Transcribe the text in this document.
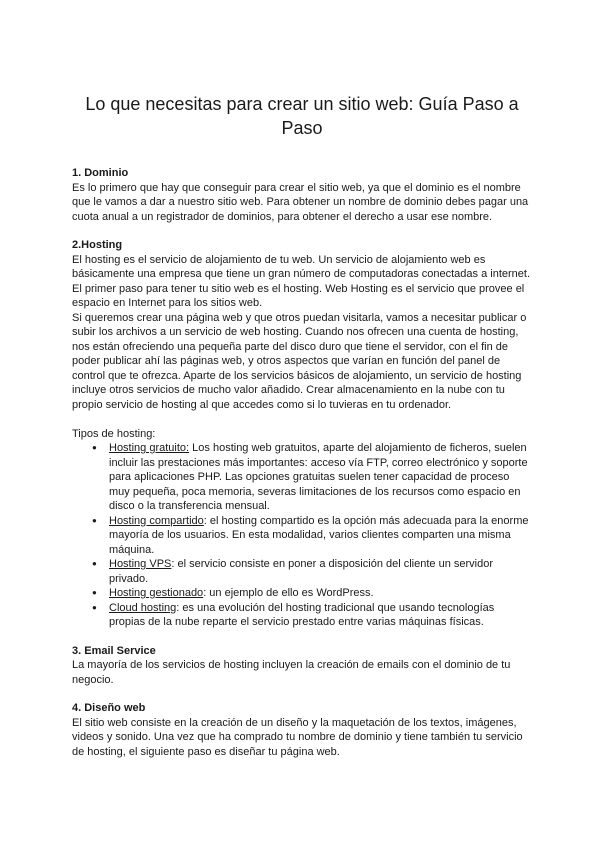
Lo que necesitas para crear un sitio web: Guía Paso a Paso

1. Dominio

Es lo primero que hay que conseguir para crear el sitio web, ya que el dominio es el nombre que le vamos a dar a nuestro sitio web. Para obtener un nombre de dominio debes pagar una cuota anual a un registrador de dominios, para obtener el derecho a usar ese nombre.

2.Hosting

El hosting es el servicio de alojamiento de tu web. Un servicio de alojamiento web es básicamente una empresa que tiene un gran número de computadoras conectadas a internet. El primer paso para tener tu sitio web es el hosting. Web Hosting es el servicio que provee el espacio en Internet para los sitios web.

Si queremos crear una página web y que otros puedan visitarla, vamos a necesitar publicar o subir los archivos a un servicio de web hosting. Cuando nos ofrecen una cuenta de hosting, nos están ofreciendo una pequeña parte del disco duro que tiene el servidor, con el fin de poder publicar ahí las páginas web, y otros aspectos que varían en función del panel de control que te ofrezca. Aparte de los servicios básicos de alojamiento, un servicio de hosting incluye otros servicios de mucho valor añadido. Crear almacenamiento en la nube con tu propio servicio de hosting al que accedes como si lo tuvieras en tu ordenador.

Tipos de hosting:

● Hosting gratuito: Los hosting web gratuitos, aparte del alojamiento de ficheros, suelen incluir las prestaciones más importantes: acceso vía FTP, correo electrónico y soporte para aplicaciones PHP. Las opciones gratuitas suelen tener capacidad de proceso muy pequeña, poca memoria, severas limitaciones de los recursos como espacio en disco o la transferencia mensual.
● Hosting compartido: el hosting compartido es la opción más adecuada para la enorme mayoría de los usuarios. En esta modalidad, varios clientes comparten una misma máquina.
● Hosting VPS: el servicio consiste en poner a disposición del cliente un servidor privado.
● Hosting gestionado: un ejemplo de ello es WordPress.
● Cloud hosting: es una evolución del hosting tradicional que usando tecnologías propias de la nube reparte el servicio prestado entre varias máquinas físicas.

3. Email Service

La mayoría de los servicios de hosting incluyen la creación de emails con el dominio de tu negocio.

4. Diseño web

El sitio web consiste en la creación de un diseño y la maquetación de los textos, imágenes, videos y sonido. Una vez que ha comprado tu nombre de dominio y tiene también tu servicio de hosting, el siguiente paso es diseñar tu página web.
